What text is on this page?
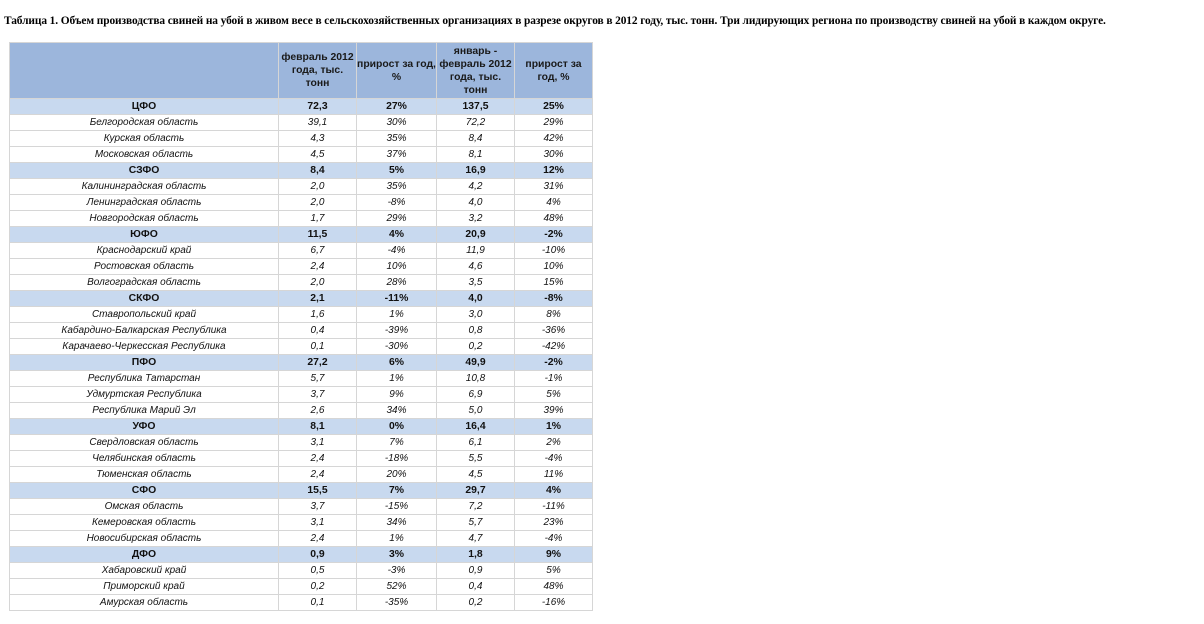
Таблица 1. Объем производства свиней на убой в живом весе в сельскохозяйственных организациях в разрезе округов в 2012 году, тыс. тонн. Три лидирующих региона по производству свиней на убой в каждом округе.
	февраль 2012 года, тыс. тонн	прирост за год, %	январь - февраль 2012 года, тыс. тонн	прирост за год, %
ЦФО	72,3	27%	137,5	25%
Белгородская область	39,1	30%	72,2	29%
Курская область	4,3	35%	8,4	42%
Московская область	4,5	37%	8,1	30%
СЗФО	8,4	5%	16,9	12%
Калининградская область	2,0	35%	4,2	31%
Ленинградская область	2,0	-8%	4,0	4%
Новгородская область	1,7	29%	3,2	48%
ЮФО	11,5	4%	20,9	-2%
Краснодарский край	6,7	-4%	11,9	-10%
Ростовская область	2,4	10%	4,6	10%
Волгоградская область	2,0	28%	3,5	15%
СКФО	2,1	-11%	4,0	-8%
Ставропольский край	1,6	1%	3,0	8%
Кабардино-Балкарская Республика	0,4	-39%	0,8	-36%
Карачаево-Черкесская Республика	0,1	-30%	0,2	-42%
ПФО	27,2	6%	49,9	-2%
Республика Татарстан	5,7	1%	10,8	-1%
Удмуртская Республика	3,7	9%	6,9	5%
Республика Марий Эл	2,6	34%	5,0	39%
УФО	8,1	0%	16,4	1%
Свердловская область	3,1	7%	6,1	2%
Челябинская область	2,4	-18%	5,5	-4%
Тюменская область	2,4	20%	4,5	11%
СФО	15,5	7%	29,7	4%
Омская область	3,7	-15%	7,2	-11%
Кемеровская область	3,1	34%	5,7	23%
Новосибирская область	2,4	1%	4,7	-4%
ДФО	0,9	3%	1,8	9%
Хабаровский край	0,5	-3%	0,9	5%
Приморский край	0,2	52%	0,4	48%
Амурская область	0,1	-35%	0,2	-16%
